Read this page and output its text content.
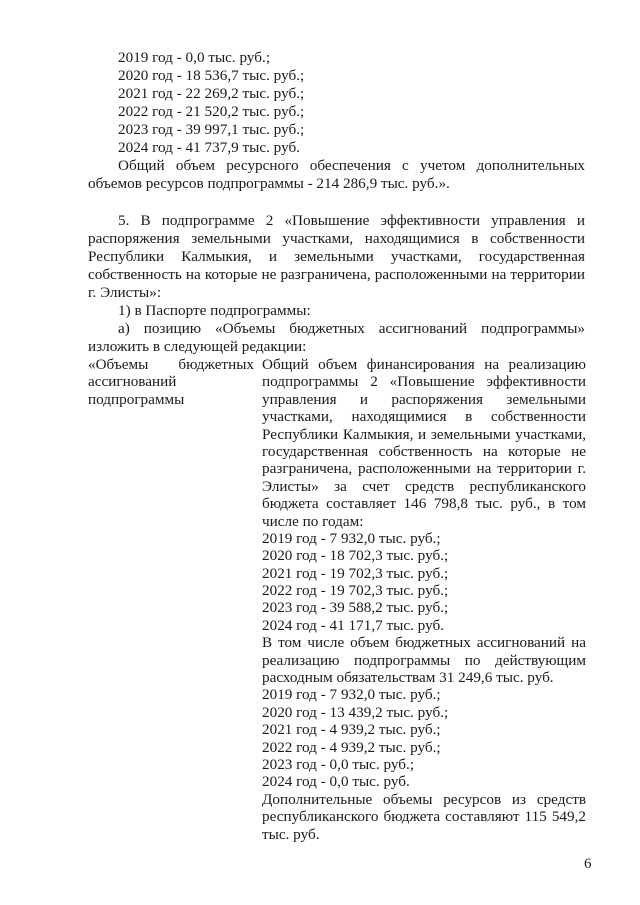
2019 год - 0,0 тыс. руб.;
2020 год - 18 536,7 тыс. руб.;
2021 год - 22 269,2 тыс. руб.;
2022 год - 21 520,2 тыс. руб.;
2023 год - 39 997,1 тыс. руб.;
2024 год - 41 737,9 тыс. руб.
Общий объем ресурсного обеспечения с учетом дополнительных
объемов ресурсов подпрограммы - 214 286,9 тыс. руб.».
5. В подпрограмме 2 «Повышение эффективности управления и
распоряжения земельными участками, находящимися в собственности
Республики Калмыкия, и земельными участками, государственная
собственность на которые не разграничена, расположенными на территории
г. Элисты»:
1) в Паспорте подпрограммы:
а) позицию «Объемы бюджетных ассигнований подпрограммы»
изложить в следующей редакции:
«Объемы бюджетных
ассигнований
подпрограммы
Общий объем финансирования на реализацию
подпрограммы 2 «Повышение эффективности
управления и распоряжения земельными
участками, находящимися в собственности
Республики Калмыкия, и земельными участками,
государственная собственность на которые не
разграничена, расположенными на территории г.
Элисты» за счет средств республиканского
бюджета составляет 146 798,8 тыс. руб., в том
числе по годам:
2019 год - 7 932,0 тыс. руб.;
2020 год - 18 702,3 тыс. руб.;
2021 год - 19 702,3 тыс. руб.;
2022 год - 19 702,3 тыс. руб.;
2023 год - 39 588,2 тыс. руб.;
2024 год - 41 171,7 тыс. руб.
В том числе объем бюджетных ассигнований на
реализацию подпрограммы по действующим
расходным обязательствам 31 249,6 тыс. руб.
2019 год - 7 932,0 тыс. руб.;
2020 год - 13 439,2 тыс. руб.;
2021 год - 4 939,2 тыс. руб.;
2022 год - 4 939,2 тыс. руб.;
2023 год - 0,0 тыс. руб.;
2024 год - 0,0 тыс. руб.
Дополнительные объемы ресурсов из средств
республиканского бюджета составляют 115 549,2
тыс. руб.
6
